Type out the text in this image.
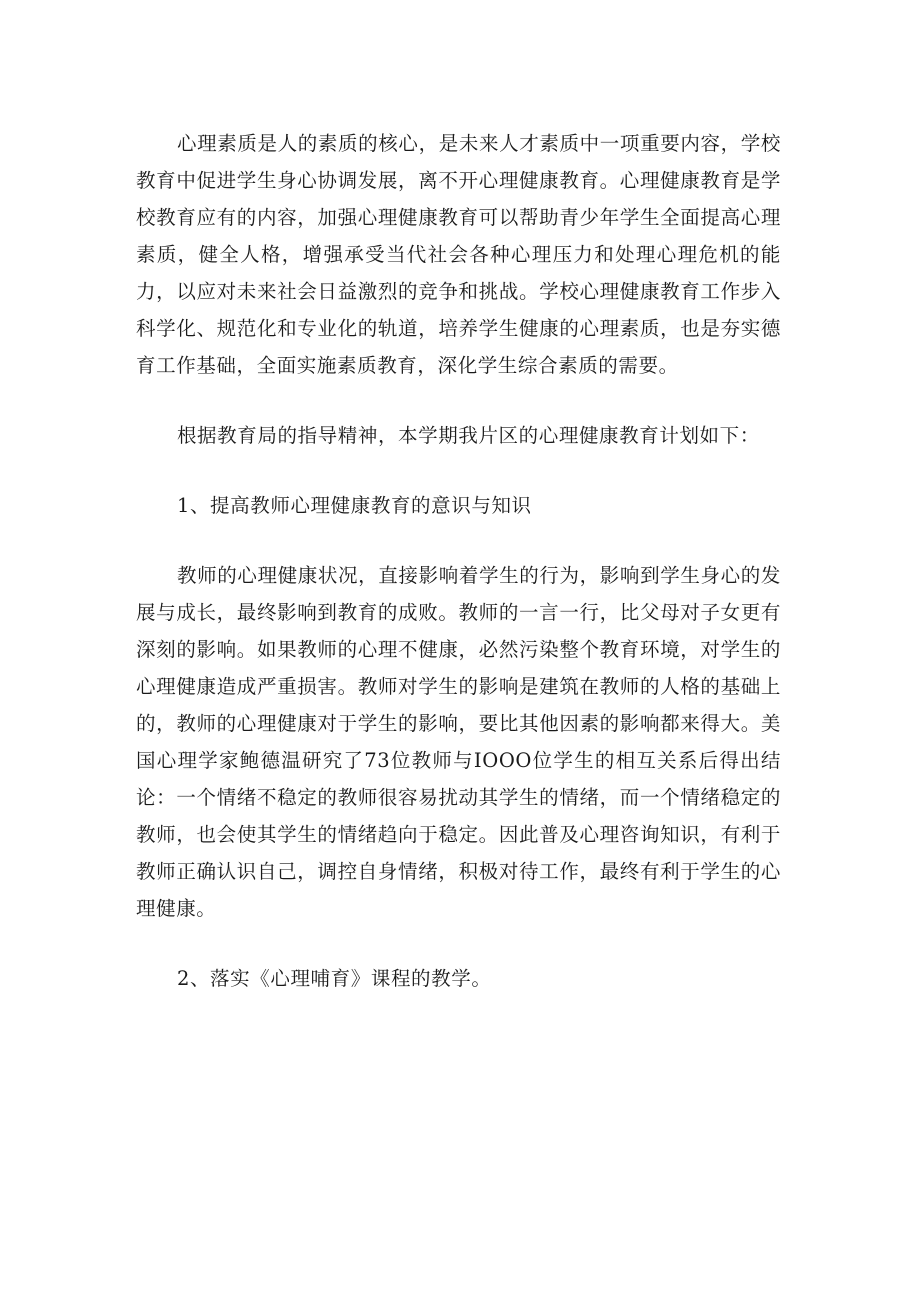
心理素质是人的素质的核心，是未来人才素质中一项重要内容，学校教育中促进学生身心协调发展，离不开心理健康教育。心理健康教育是学校教育应有的内容，加强心理健康教育可以帮助青少年学生全面提高心理素质，健全人格，增强承受当代社会各种心理压力和处理心理危机的能力，以应对未来社会日益激烈的竞争和挑战。学校心理健康教育工作步入科学化、规范化和专业化的轨道，培养学生健康的心理素质，也是夯实德育工作基础，全面实施素质教育，深化学生综合素质的需要。

根据教育局的指导精神，本学期我片区的心理健康教育计划如下：

1、提高教师心理健康教育的意识与知识

教师的心理健康状况，直接影响着学生的行为，影响到学生身心的发展与成长，最终影响到教育的成败。教师的一言一行，比父母对子女更有深刻的影响。如果教师的心理不健康，必然污染整个教育环境，对学生的心理健康造成严重损害。教师对学生的影响是建筑在教师的人格的基础上的，教师的心理健康对于学生的影响，要比其他因素的影响都来得大。美国心理学家鲍德温研究了73位教师与IOOO位学生的相互关系后得出结论：一个情绪不稳定的教师很容易扰动其学生的情绪，而一个情绪稳定的教师，也会使其学生的情绪趋向于稳定。因此普及心理咨询知识，有利于教师正确认识自己，调控自身情绪，积极对待工作，最终有利于学生的心理健康。

2、落实《心理哺育》课程的教学。
